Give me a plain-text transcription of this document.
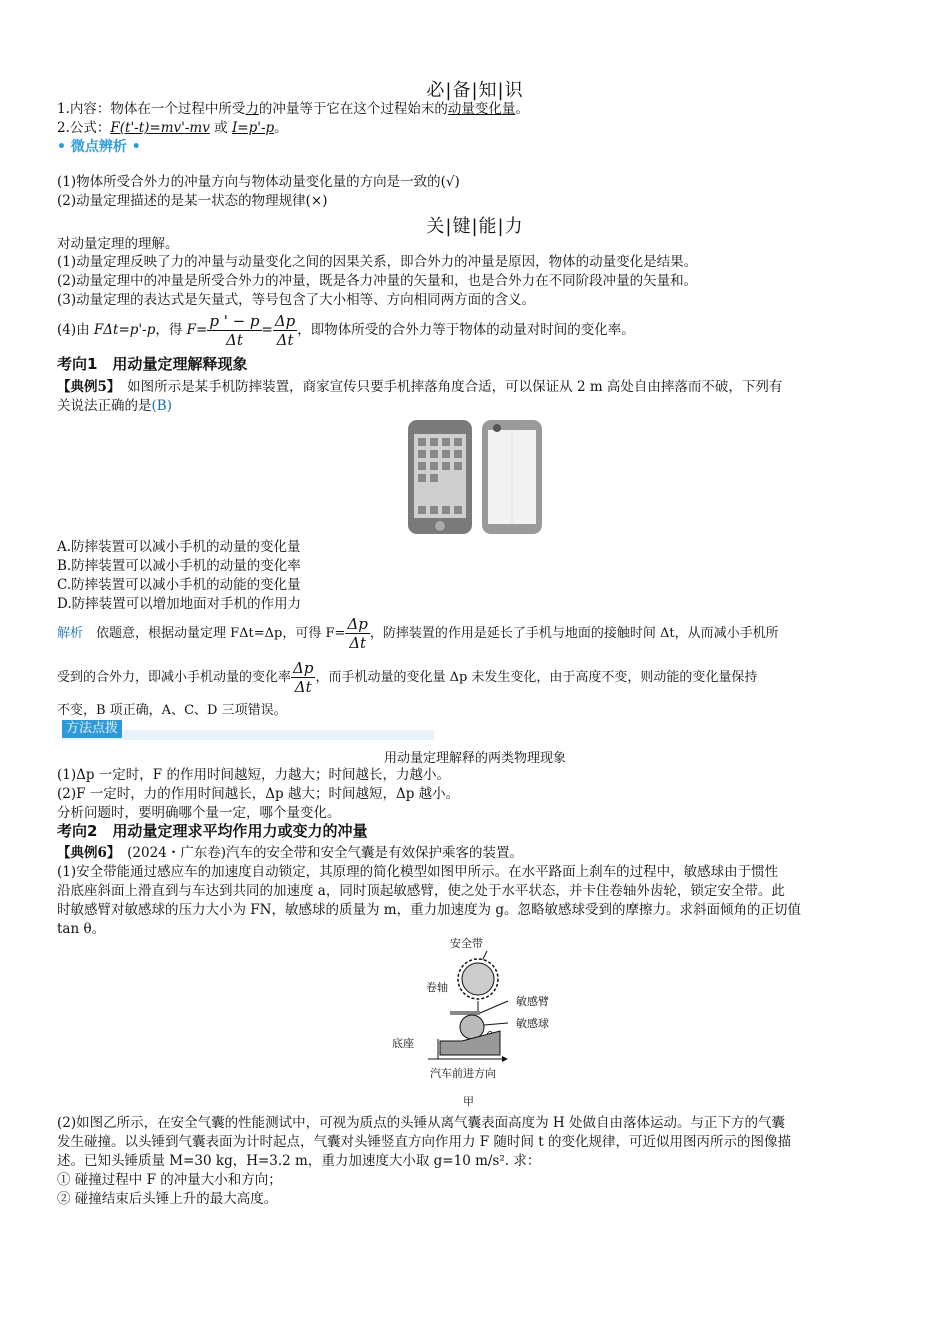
必|备|知|识
1.内容：物体在一个过程中所受力的冲量等于它在这个过程始末的动量变化量。
2.公式：F(t'-t)=mv'-mv 或 I=p'-p。
• 微点辨析 •
(1)物体所受合外力的冲量方向与物体动量变化量的方向是一致的(√)
(2)动量定理描述的是某一状态的物理规律(×)
关|键|能|力
对动量定理的理解。
(1)动量定理反映了力的冲量与动量变化之间的因果关系，即合外力的冲量是原因，物体的动量变化是结果。
(2)动量定理中的冲量是所受合外力的冲量，既是各力冲量的矢量和，也是合外力在不同阶段冲量的矢量和。
(3)动量定理的表达式是矢量式，等号包含了大小相等、方向相同两方面的含义。
(4)由 FΔt=p'-p，得 $F= \frac{p ' - p}{\Delta t} = \frac{\Delta p}{\Delta t}$ ，即物体所受的合外力等于物体的动量对时间的变化率。
考向1　用动量定理解释现象
【典例5】　如图所示是某手机防摔装置，商家宣传只要手机摔落角度合适，可以保证从 2 m 高处自由摔落而不破，下列有
关说法正确的是(B)
A.防摔装置可以减小手机的动量的变化量
B.防摔装置可以减小手机的动量的变化率
C.防摔装置可以减小手机的动能的变化量
D.防摔装置可以增加地面对手机的作用力
解析　依题意，根据动量定理 FΔt=Δp，可得 $F= \frac{\Delta p}{\Delta t}$ ，防摔装置的作用是延长了手机与地面的接触时间 Δt，从而减小手机所
受到的合外力，即减小手机动量的变化率 $\frac{\Delta p}{\Delta t}$ ，而手机动量的变化量 Δp 未发生变化，由于高度不变，则动能的变化量保持
不变，B 项正确，A、C、D 三项错误。
方法点拨
用动量定理解释的两类物理现象
(1)Δp 一定时，F 的作用时间越短，力越大；时间越长，力越小。
(2)F 一定时，力的作用时间越长，Δp 越大；时间越短，Δp 越小。
分析问题时，要明确哪个量一定，哪个量变化。
考向2　用动量定理求平均作用力或变力的冲量
【典例6】　(2024・广东卷)汽车的安全带和安全气囊是有效保护乘客的装置。
(1)安全带能通过感应车的加速度自动锁定，其原理的简化模型如图甲所示。在水平路面上刹车的过程中，敏感球由于惯性
沿底座斜面上滑直到与车达到共同的加速度 a，同时顶起敏感臂，使之处于水平状态，并卡住卷轴外齿轮，锁定安全带。此
时敏感臂对敏感球的压力大小为 FN，敏感球的质量为 m，重力加速度为 g。忽略敏感球受到的摩擦力。求斜面倾角的正切值
tan θ。
安全带
卷轴
敏感臂
敏感球
底座
汽车前进方向
甲
(2)如图乙所示，在安全气囊的性能测试中，可视为质点的头锤从离气囊表面高度为 H 处做自由落体运动。与正下方的气囊
发生碰撞。以头锤到气囊表面为计时起点，气囊对头锤竖直方向作用力 F 随时间 t 的变化规律，可近似用图丙所示的图像描
述。已知头锤质量 M=30 kg，H=3.2 m，重力加速度大小取 g=10 m/s². 求：
① 碰撞过程中 F 的冲量大小和方向；
② 碰撞结束后头锤上升的最大高度。
